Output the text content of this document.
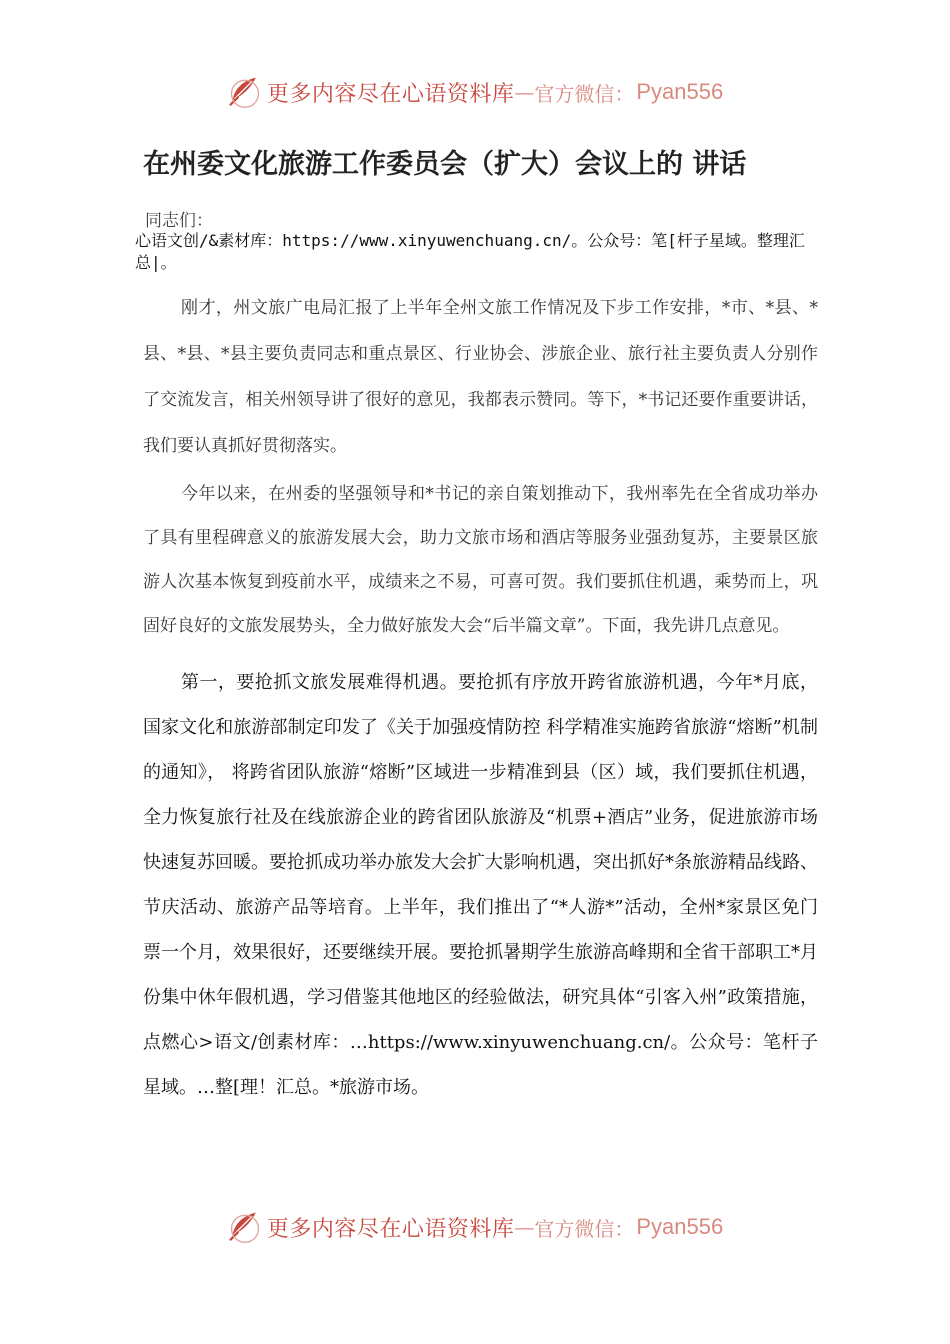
更多内容尽在心语资料库 — 官方微信： Pyan556
在州委文化旅游工作委员会（扩大）会议上的 讲话
同志们：

心语文创/&素材库：https://www.xinyuwenchuang.cn/。公众号：笔[杆子星域。整理汇总|。

刚才，州文旅广电局汇报了上半年全州文旅工作情况及下步工作安排，*市、*县、*县、*县、*县主要负责同志和重点景区、行业协会、涉旅企业、旅行社主要负责人分别作了交流发言，相关州领导讲了很好的意见，我都表示赞同。等下，*书记还要作重要讲话，我们要认真抓好贯彻落实。

今年以来，在州委的坚强领导和*书记的亲自策划推动下，我州率先在全省成功举办了具有里程碑意义的旅游发展大会，助力文旅市场和酒店等服务业强劲复苏，主要景区旅游人次基本恢复到疫前水平，成绩来之不易，可喜可贺。我们要抓住机遇，乘势而上，巩固好良好的文旅发展势头，全力做好旅发大会“后半篇文章”。下面，我先讲几点意见。

第一，要抢抓文旅发展难得机遇。要抢抓有序放开跨省旅游机遇，今年*月底，国家文化和旅游部制定印发了《关于加强疫情防控 科学精准实施跨省旅游“熔断”机制的通知》， 将跨省团队旅游“熔断”区域进一步精准到县（区）域，我们要抓住机遇，全力恢复旅行社及在线旅游企业的跨省团队旅游及“机票+酒店”业务，促进旅游市场快速复苏回暖。要抢抓成功举办旅发大会扩大影响机遇，突出抓好*条旅游精品线路、节庆活动、旅游产品等培育。上半年，我们推出了“*人游*”活动，全州*家景区免门票一个月，效果很好，还要继续开展。要抢抓暑期学生旅游高峰期和全省干部职工*月份集中休年假机遇，学习借鉴其他地区的经验做法，研究具体“引客入州”政策措施，点燃心>语文/创素材库：…https://www.xinyuwenchuang.cn/。公众号：笔杆子星域。…整[理！汇总。*旅游市场。

更多内容尽在心语资料库 — 官方微信： Pyan556
